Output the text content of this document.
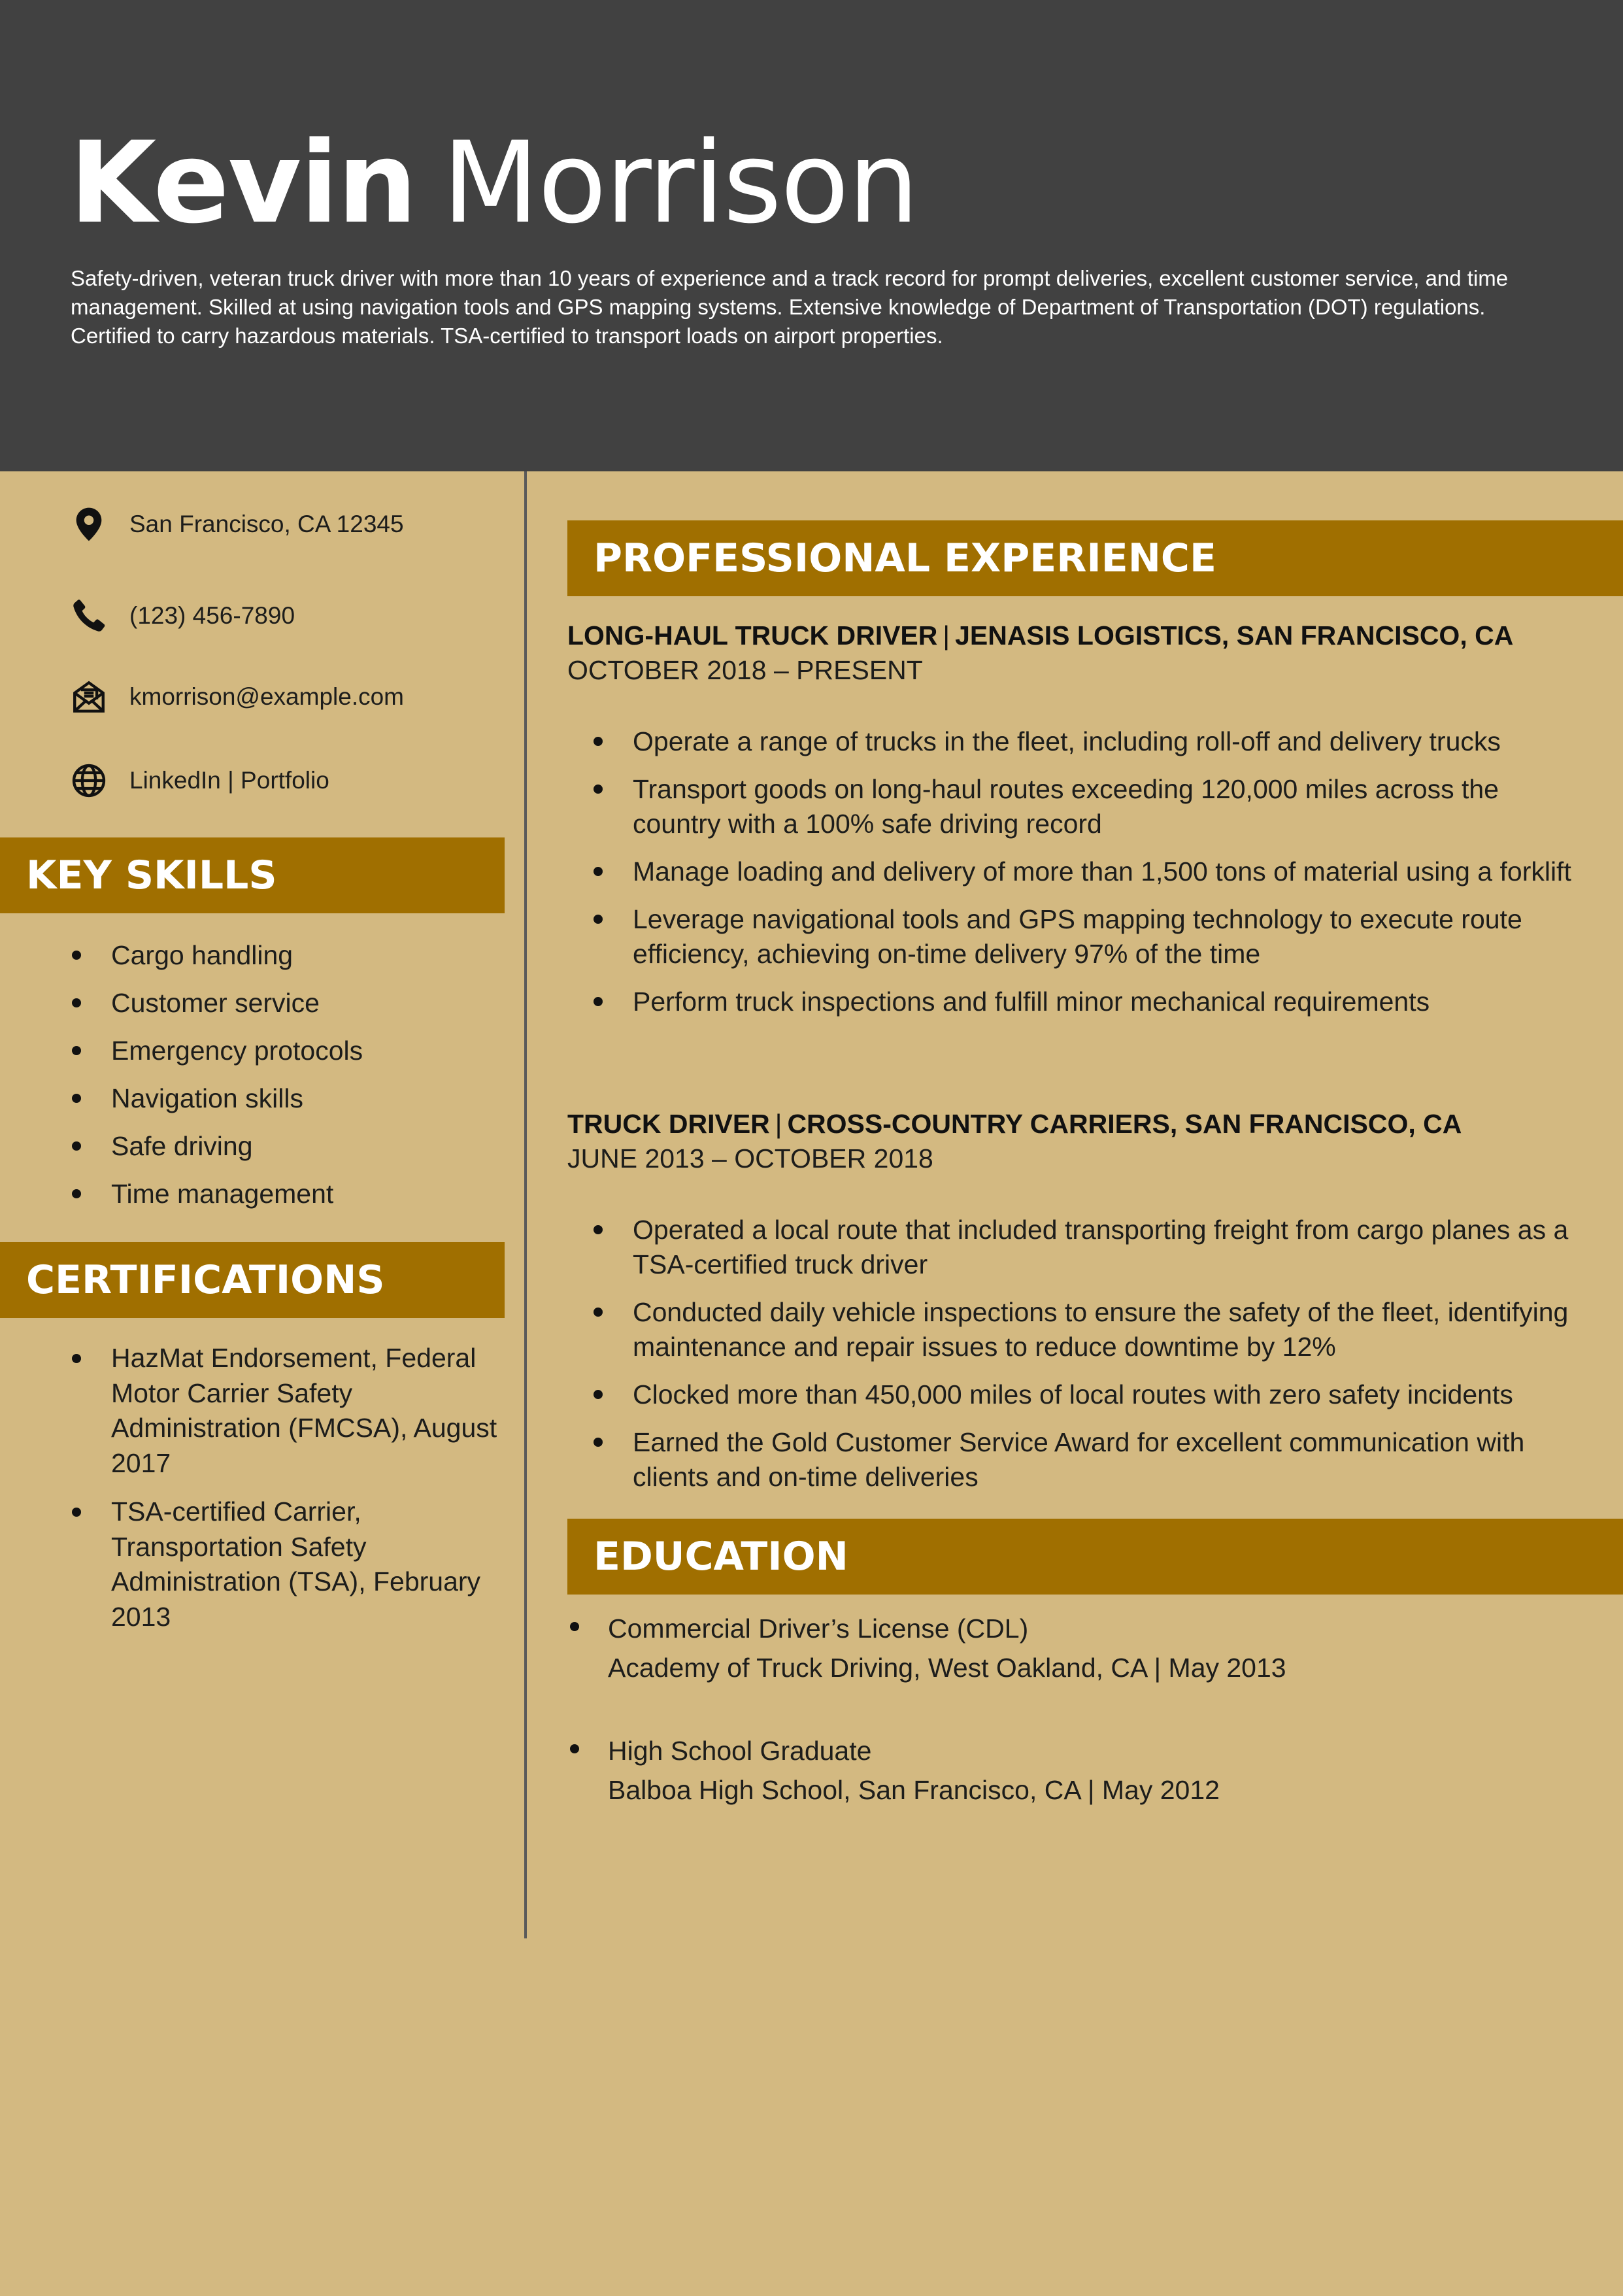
Kevin Morrison
Safety-driven, veteran truck driver with more than 10 years of experience and a track record for prompt deliveries, excellent customer service, and time management. Skilled at using navigation tools and GPS mapping systems. Extensive knowledge of Department of Transportation (DOT) regulations. Certified to carry hazardous materials. TSA-certified to transport loads on airport properties.
San Francisco, CA 12345
(123) 456-7890
kmorrison@example.com
LinkedIn | Portfolio
KEY SKILLS
Cargo handling
Customer service
Emergency protocols
Navigation skills
Safe driving
Time management
CERTIFICATIONS
HazMat Endorsement, Federal Motor Carrier Safety Administration (FMCSA), August 2017
TSA-certified Carrier, Transportation Safety Administration (TSA), February 2013
PROFESSIONAL EXPERIENCE
LONG-HAUL TRUCK DRIVER | JENASIS LOGISTICS, SAN FRANCISCO, CA
OCTOBER 2018 – PRESENT
Operate a range of trucks in the fleet, including roll-off and delivery trucks
Transport goods on long-haul routes exceeding 120,000 miles across the country with a 100% safe driving record
Manage loading and delivery of more than 1,500 tons of material using a forklift
Leverage navigational tools and GPS mapping technology to execute route efficiency, achieving on-time delivery 97% of the time
Perform truck inspections and fulfill minor mechanical requirements
TRUCK DRIVER | CROSS-COUNTRY CARRIERS, SAN FRANCISCO, CA
JUNE 2013 – OCTOBER 2018
Operated a local route that included transporting freight from cargo planes as a TSA-certified truck driver
Conducted daily vehicle inspections to ensure the safety of the fleet, identifying maintenance and repair issues to reduce downtime by 12%
Clocked more than 450,000 miles of local routes with zero safety incidents
Earned the Gold Customer Service Award for excellent communication with clients and on-time deliveries
EDUCATION
Commercial Driver’s License (CDL)
Academy of Truck Driving, West Oakland, CA | May 2013
High School Graduate
Balboa High School, San Francisco, CA | May 2012
